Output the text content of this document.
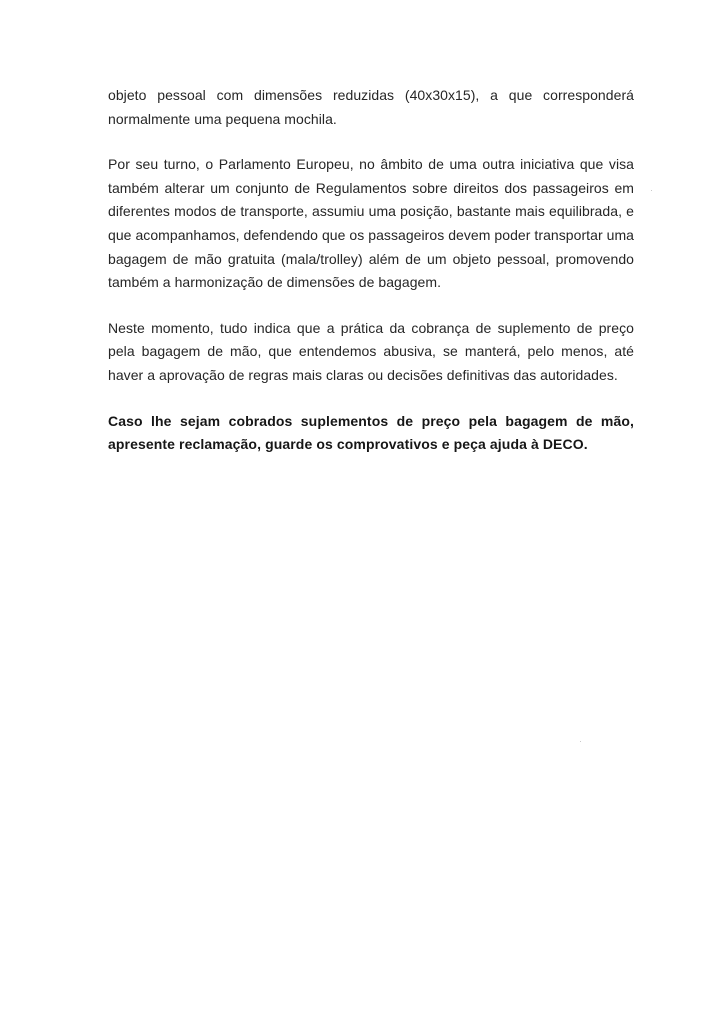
objeto pessoal com dimensões reduzidas (40x30x15), a que corresponderá normalmente uma pequena mochila.

Por seu turno, o Parlamento Europeu, no âmbito de uma outra iniciativa que visa também alterar um conjunto de Regulamentos sobre direitos dos passageiros em diferentes modos de transporte, assumiu uma posição, bastante mais equilibrada, e que acompanhamos, defendendo que os passageiros devem poder transportar uma bagagem de mão gratuita (mala/trolley) além de um objeto pessoal, promovendo também a harmonização de dimensões de bagagem.

Neste momento, tudo indica que a prática da cobrança de suplemento de preço pela bagagem de mão, que entendemos abusiva, se manterá, pelo menos, até haver a aprovação de regras mais claras ou decisões definitivas das autoridades.

Caso lhe sejam cobrados suplementos de preço pela bagagem de mão, apresente reclamação, guarde os comprovativos e peça ajuda à DECO.
